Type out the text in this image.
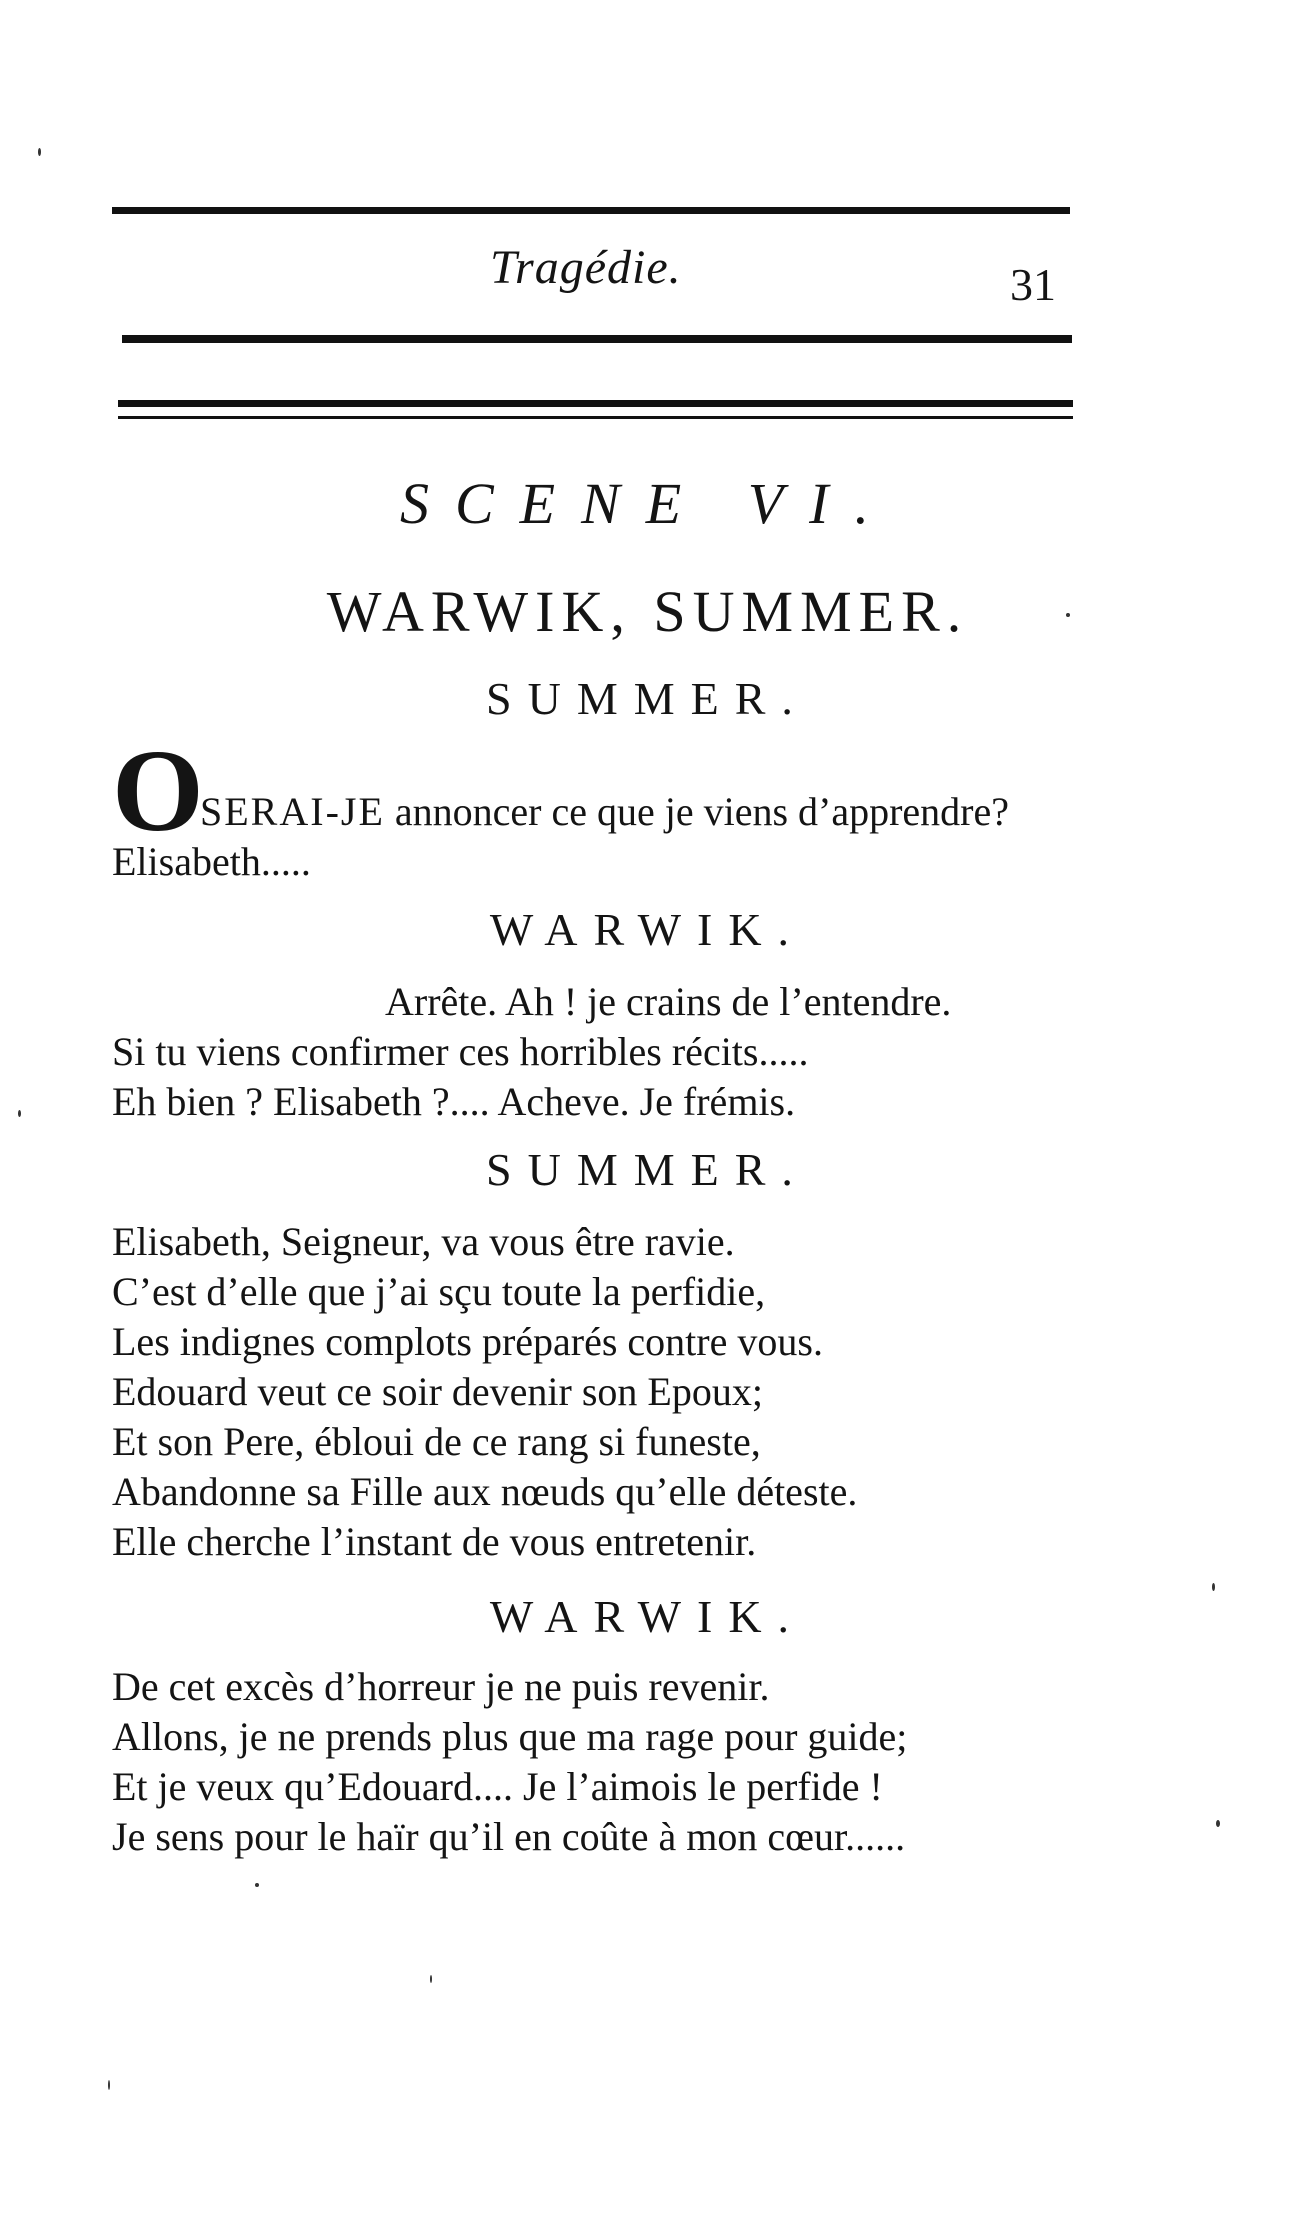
Tragédie.	31
SCENE VI.
WARWIK, SUMMER.
SUMMER.
O
SERAI-JE annoncer ce que je viens d’apprendre?
Elisabeth.....
WARWIK.
Arrête. Ah ! je crains de l’entendre.
Si tu viens confirmer ces horribles récits.....
Eh bien ? Elisabeth ?.... Acheve. Je frémis.
SUMMER.
Elisabeth, Seigneur, va vous être ravie.
C’est d’elle que j’ai sçu toute la perfidie,
Les indignes complots préparés contre vous.
Edouard veut ce soir devenir son Epoux;
Et son Pere, ébloui de ce rang si funeste,
Abandonne sa Fille aux nœuds qu’elle déteste.
Elle cherche l’instant de vous entretenir.
WARWIK.
De cet excès d’horreur je ne puis revenir.
Allons, je ne prends plus que ma rage pour guide;
Et je veux qu’Edouard.... Je l’aimois le perfide !
Je sens pour le haïr qu’il en coûte à mon cœur......
